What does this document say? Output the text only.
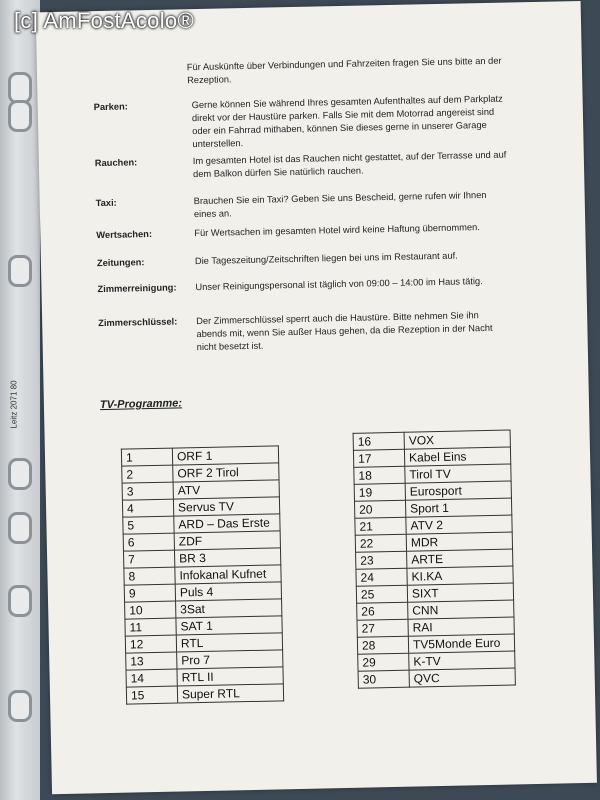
Leitz 2071 80
Für Auskünfte über Verbindungen und Fahrzeiten fragen Sie uns bitte an der Rezeption.
Parken:	Gerne können Sie während Ihres gesamten Aufenthaltes auf dem Parkplatz direkt vor der Haustüre parken. Falls Sie mit dem Motorrad angereist sind oder ein Fahrrad mithaben, können Sie dieses gerne in unserer Garage unterstellen.
Rauchen:	Im gesamten Hotel ist das Rauchen nicht gestattet, auf der Terrasse und auf dem Balkon dürfen Sie natürlich rauchen.
Taxi:	Brauchen Sie ein Taxi? Geben Sie uns Bescheid, gerne rufen wir Ihnen eines an.
Wertsachen:	Für Wertsachen im gesamten Hotel wird keine Haftung übernommen.
Zeitungen:	Die Tageszeitung/Zeitschriften liegen bei uns im Restaurant auf.
Zimmerreinigung:	Unser Reinigungspersonal ist täglich von 09:00 – 14:00 im Haus tätig.
Zimmerschlüssel:	Der Zimmerschlüssel sperrt auch die Haustüre. Bitte nehmen Sie ihn abends mit, wenn Sie außer Haus gehen, da die Rezeption in der Nacht nicht besetzt ist.
TV-Programme:
1	ORF 1
2	ORF 2 Tirol
3	ATV
4	Servus TV
5	ARD – Das Erste
6	ZDF
7	BR 3
8	Infokanal Kufnet
9	Puls 4
10	3Sat
11	SAT 1
12	RTL
13	Pro 7
14	RTL II
15	Super RTL
16	VOX
17	Kabel Eins
18	Tirol TV
19	Eurosport
20	Sport 1
21	ATV 2
22	MDR
23	ARTE
24	KI.KA
25	SIXT
26	CNN
27	RAI
28	TV5Monde Euro
29	K-TV
30	QVC
[c] AmFostAcolo®
